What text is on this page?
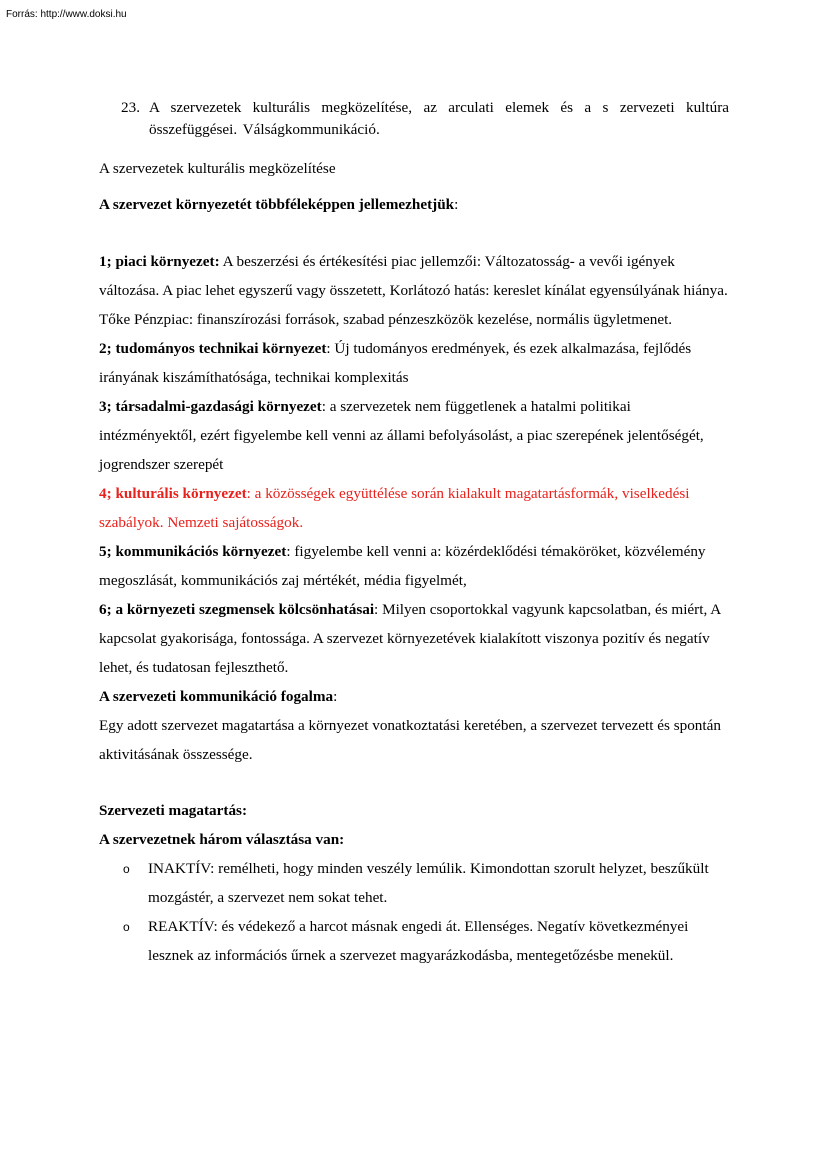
Forrás: http://www.doksi.hu
23. A szervezetek kulturális megközelítése, az arculati elemek és a s zervezeti kultúra összefüggései. Válságkommunikáció.

A szervezetek kulturális megközelítése

A szervezet környezetét többféleképpen jellemezhetjük:

1; piaci környezet: A beszerzési és értékesítési piac jellemzői: Változatosság- a vevői igények változása. A piac lehet egyszerű vagy összetett, Korlátozó hatás: kereslet kínálat egyensúlyának hiánya. Tőke Pénzpiac: finanszírozási források, szabad pénzeszközök kezelése, normális ügyletmenet.

2; tudományos technikai környezet: Új tudományos eredmények, és ezek alkalmazása, fejlődés irányának kiszámíthatósága, technikai komplexitás

3; társadalmi-gazdasági környezet: a szervezetek nem függetlenek a hatalmi politikai intézményektől, ezért figyelembe kell venni az állami befolyásolást, a piac szerepének jelentőségét, jogrendszer szerepét

4; kulturális környezet: a közösségek együttélése során kialakult magatartásformák, viselkedési szabályok. Nemzeti sajátosságok.

5; kommunikációs környezet: figyelembe kell venni a: közérdeklődési témaköröket, közvélemény megoszlását, kommunikációs zaj mértékét, média figyelmét,

6; a környezeti szegmensek kölcsönhatásai: Milyen csoportokkal vagyunk kapcsolatban, és miért, A kapcsolat gyakorisága, fontossága. A szervezet környezetévek kialakított viszonya pozitív és negatív lehet, és tudatosan fejleszthető.

A szervezeti kommunikáció fogalma:

Egy adott szervezet magatartása a környezet vonatkoztatási keretében, a szervezet tervezett és spontán aktivitásának összessége.

Szervezeti magatartás:

A szervezetnek három választása van:

o	INAKTÍV: remélheti, hogy minden veszély lemúlik. Kimondottan szorult helyzet, beszűkült mozgástér, a szervezet nem sokat tehet.
o	REAKTÍV: és védekező a harcot másnak engedi át. Ellenséges. Negatív következményei lesznek az információs űrnek a szervezet magyarázkodásba, mentegetőzésbe menekül.
